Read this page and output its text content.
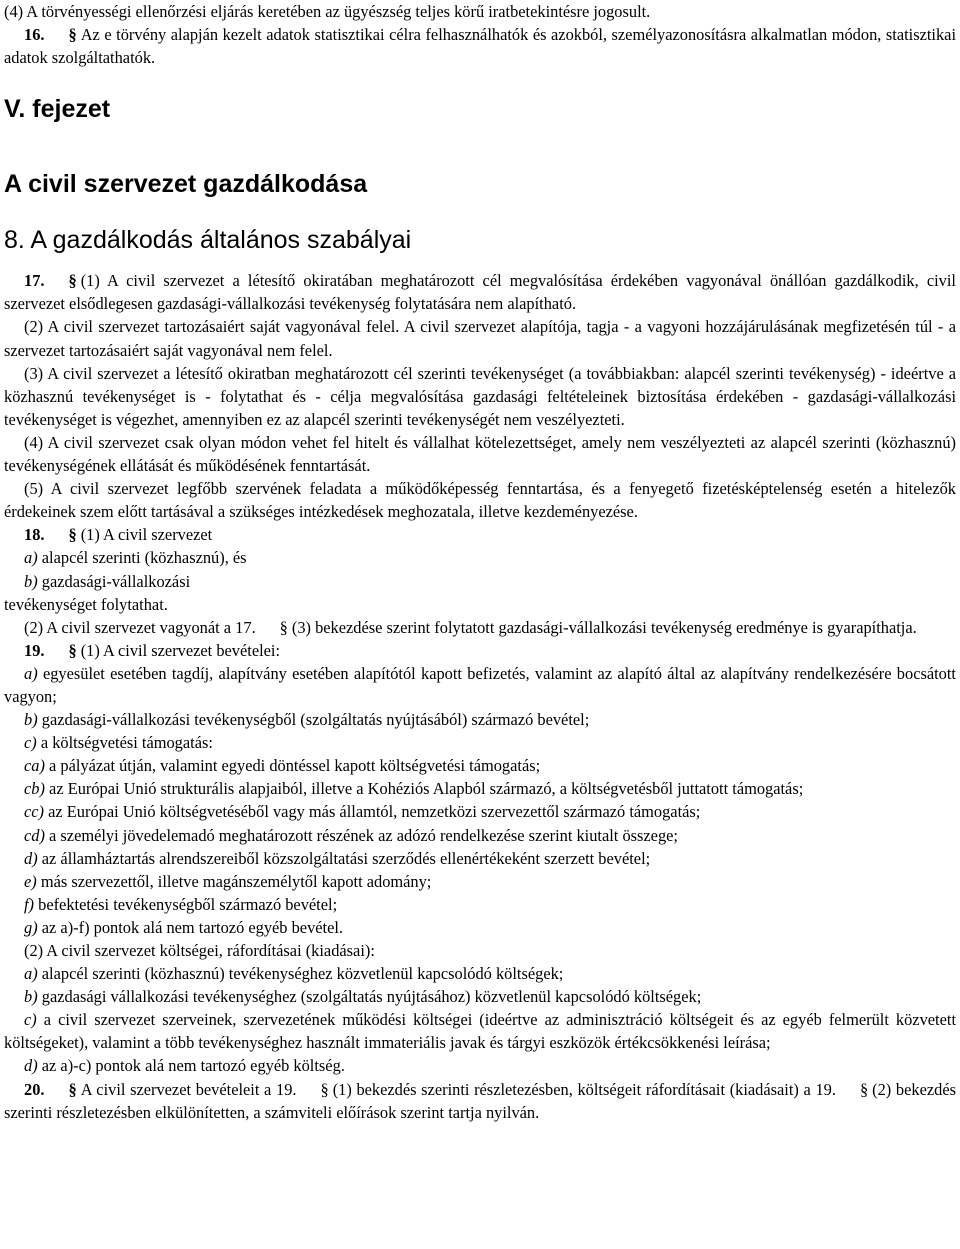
(4) A törvényességi ellenőrzési eljárás keretében az ügyészség teljes körű iratbetekintésre jogosult.

16. § Az e törvény alapján kezelt adatok statisztikai célra felhasználhatók és azokból, személyazonosításra alkalmatlan módon, statisztikai adatok szolgáltathatók.

V. fejezet

A civil szervezet gazdálkodása

8. A gazdálkodás általános szabályai

17. § (1) A civil szervezet a létesítő okiratában meghatározott cél megvalósítása érdekében vagyonával önállóan gazdálkodik, civil szervezet elsődlegesen gazdasági-vállalkozási tevékenység folytatására nem alapítható.

(2) A civil szervezet tartozásaiért saját vagyonával felel. A civil szervezet alapítója, tagja - a vagyoni hozzájárulásának megfizetésén túl - a szervezet tartozásaiért saját vagyonával nem felel.

(3) A civil szervezet a létesítő okiratban meghatározott cél szerinti tevékenységet (a továbbiakban: alapcél szerinti tevékenység) - ideértve a közhasznú tevékenységet is - folytathat és - célja megvalósítása gazdasági feltételeinek biztosítása érdekében - gazdasági-vállalkozási tevékenységet is végezhet, amennyiben ez az alapcél szerinti tevékenységét nem veszélyezteti.

(4) A civil szervezet csak olyan módon vehet fel hitelt és vállalhat kötelezettséget, amely nem veszélyezteti az alapcél szerinti (közhasznú) tevékenységének ellátását és működésének fenntartását.

(5) A civil szervezet legfőbb szervének feladata a működőképesség fenntartása, és a fenyegető fizetésképtelenség esetén a hitelezők érdekeinek szem előtt tartásával a szükséges intézkedések meghozatala, illetve kezdeményezése.

18. § (1) A civil szervezet

a) alapcél szerinti (közhasznú), és

b) gazdasági-vállalkozási

tevékenységet folytathat.

(2) A civil szervezet vagyonát a 17. § (3) bekezdése szerint folytatott gazdasági-vállalkozási tevékenység eredménye is gyarapíthatja.

19. § (1) A civil szervezet bevételei:

a) egyesület esetében tagdíj, alapítvány esetében alapítótól kapott befizetés, valamint az alapító által az alapítvány rendelkezésére bocsátott vagyon;

b) gazdasági-vállalkozási tevékenységből (szolgáltatás nyújtásából) származó bevétel;

c) a költségvetési támogatás:

ca) a pályázat útján, valamint egyedi döntéssel kapott költségvetési támogatás;

cb) az Európai Unió strukturális alapjaiból, illetve a Kohéziós Alapból származó, a költségvetésből juttatott támogatás;

cc) az Európai Unió költségvetéséből vagy más államtól, nemzetközi szervezettől származó támogatás;

cd) a személyi jövedelemadó meghatározott részének az adózó rendelkezése szerint kiutalt összege;

d) az államháztartás alrendszereiből közszolgáltatási szerződés ellenértékeként szerzett bevétel;

e) más szervezettől, illetve magánszemélytől kapott adomány;

f) befektetési tevékenységből származó bevétel;

g) az a)-f) pontok alá nem tartozó egyéb bevétel.

(2) A civil szervezet költségei, ráfordításai (kiadásai):

a) alapcél szerinti (közhasznú) tevékenységhez közvetlenül kapcsolódó költségek;

b) gazdasági vállalkozási tevékenységhez (szolgáltatás nyújtásához) közvetlenül kapcsolódó költségek;

c) a civil szervezet szerveinek, szervezetének működési költségei (ideértve az adminisztráció költségeit és az egyéb felmerült közvetett költségeket), valamint a több tevékenységhez használt immateriális javak és tárgyi eszközök értékcsökkenési leírása;

d) az a)-c) pontok alá nem tartozó egyéb költség.

20. § A civil szervezet bevételeit a 19. § (1) bekezdés szerinti részletezésben, költségeit ráfordításait (kiadásait) a 19. § (2) bekezdés szerinti részletezésben elkülönítetten, a számviteli előírások szerint tartja nyilván.
